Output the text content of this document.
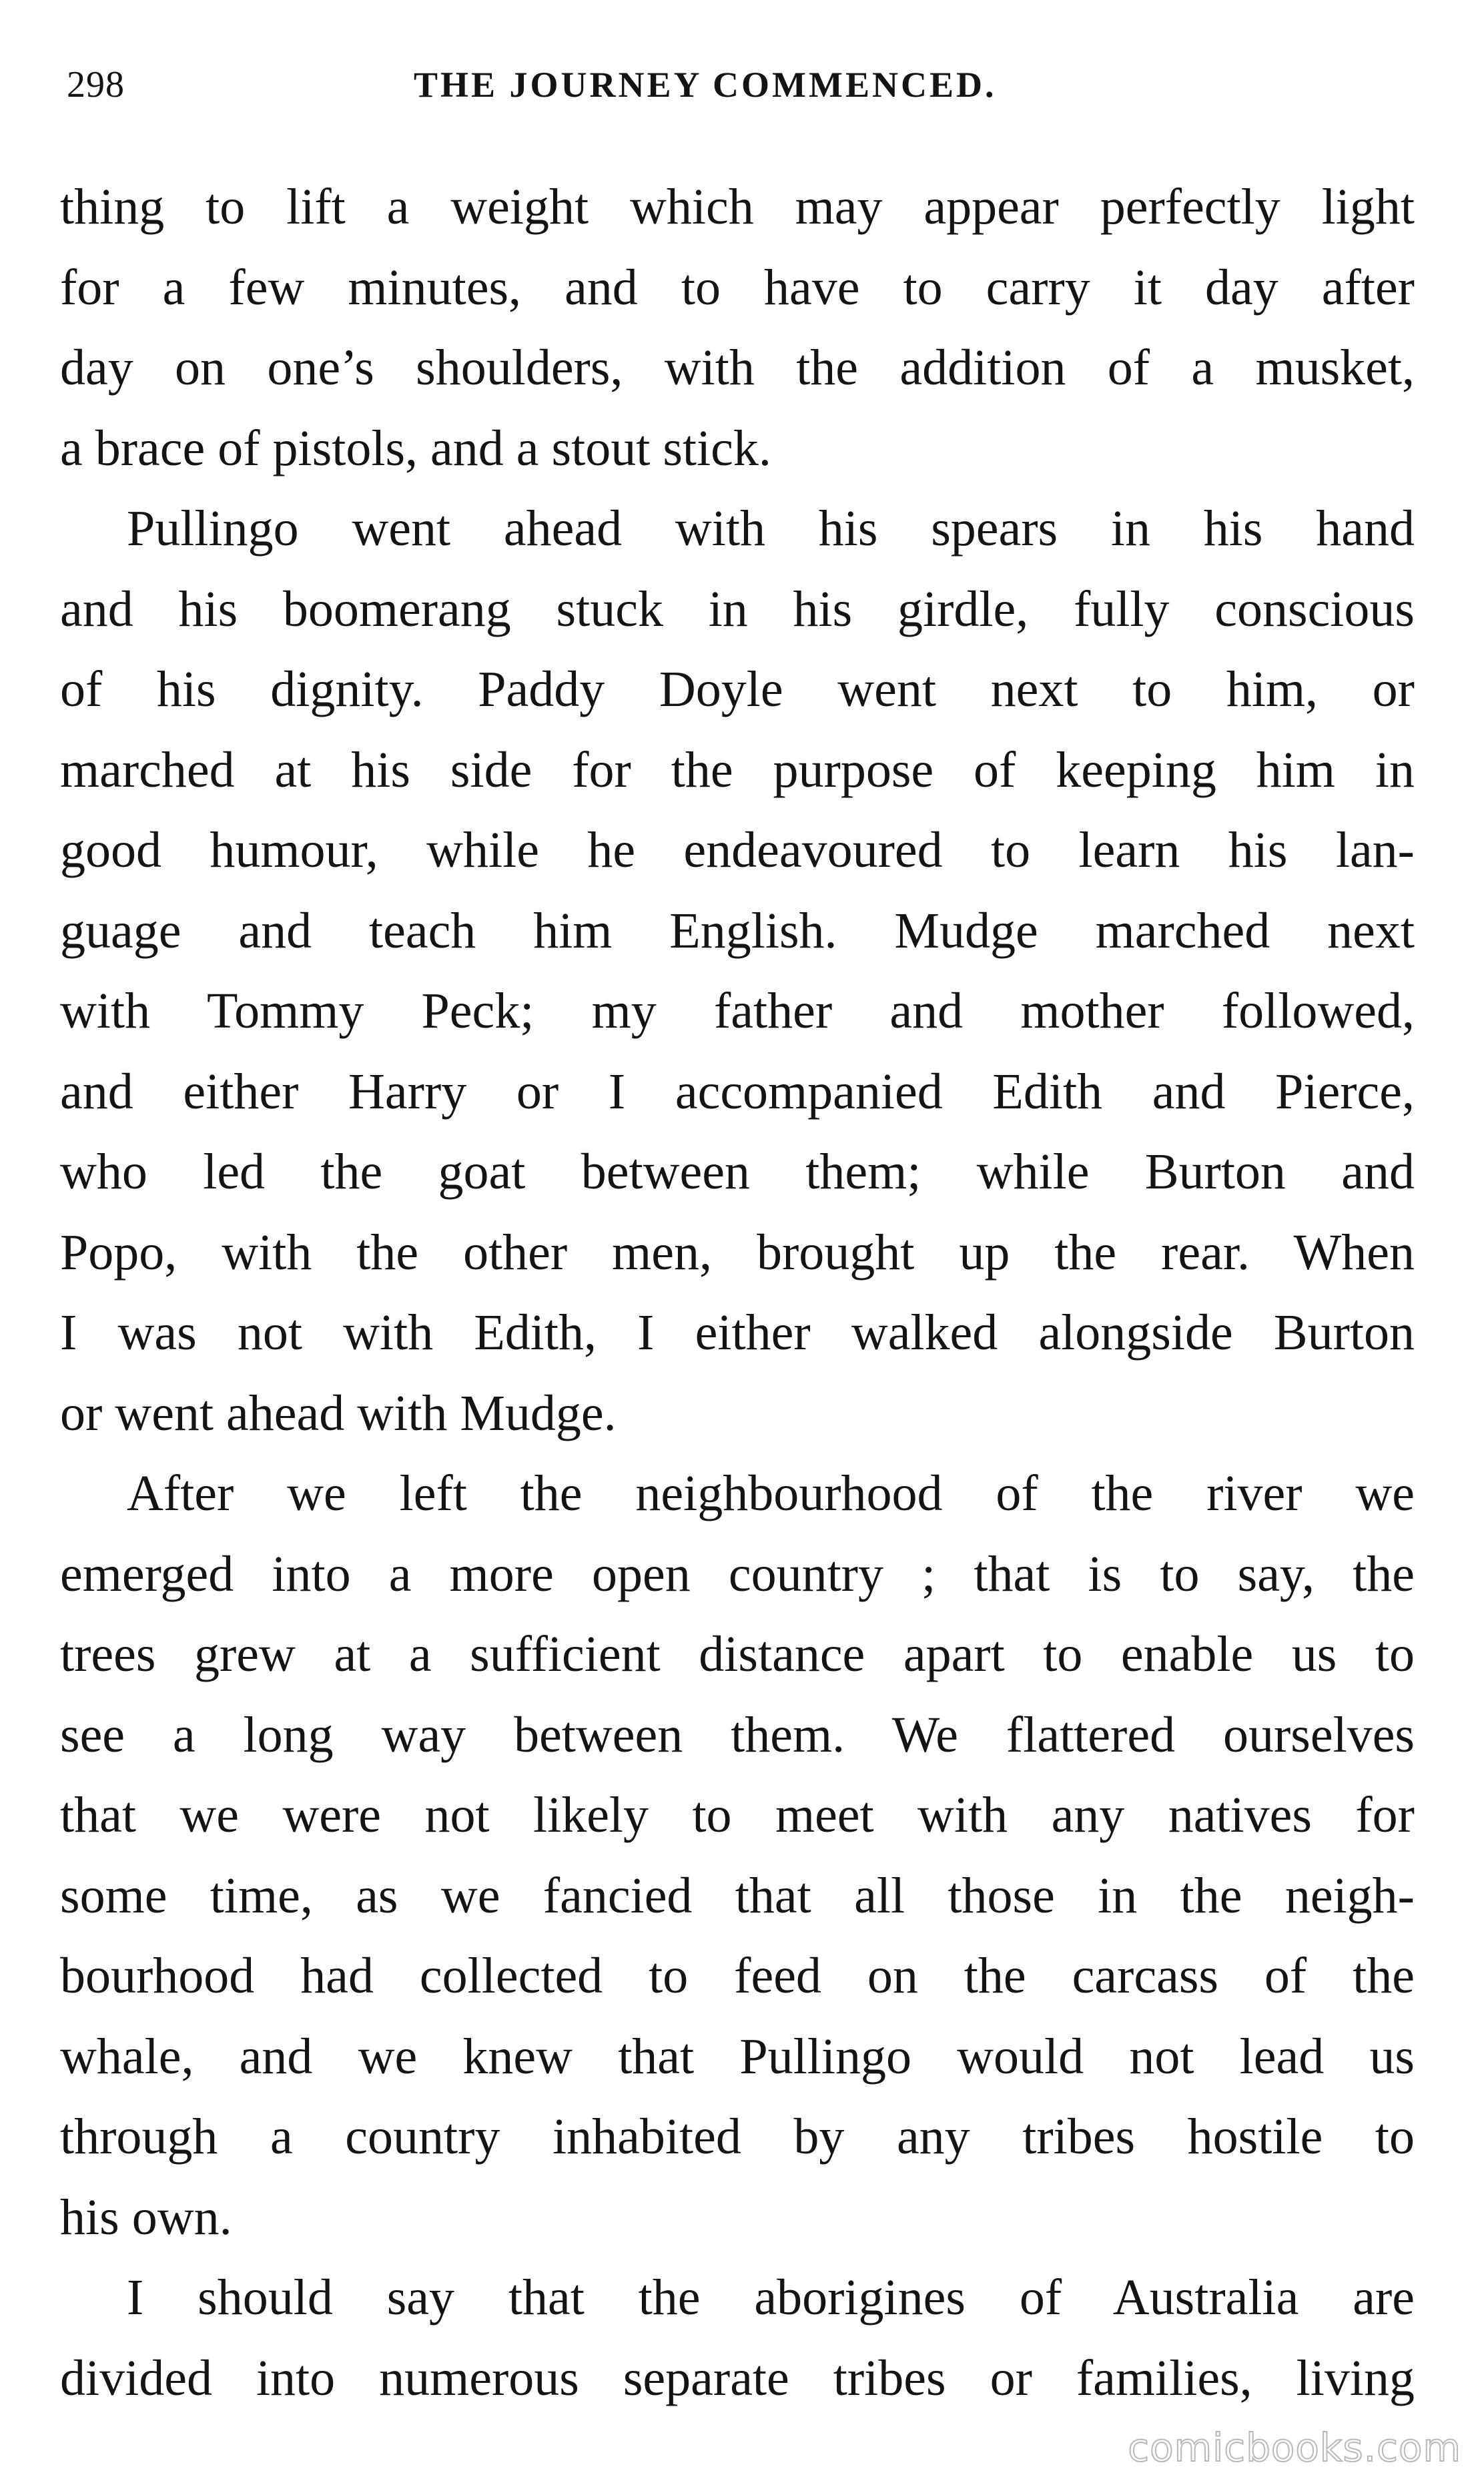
298	THE JOURNEY COMMENCED.
thing to lift a weight which may appear perfectly light
for a few minutes, and to have to carry it day after
day on one’s shoulders, with the addition of a musket,
a brace of pistols, and a stout stick.
Pullingo went ahead with his spears in his hand
and his boomerang stuck in his girdle, fully conscious
of his dignity. Paddy Doyle went next to him, or
marched at his side for the purpose of keeping him in
good humour, while he endeavoured to learn his lan-
guage and teach him English. Mudge marched next
with Tommy Peck; my father and mother followed,
and either Harry or I accompanied Edith and Pierce,
who led the goat between them; while Burton and
Popo, with the other men, brought up the rear. When
I was not with Edith, I either walked alongside Burton
or went ahead with Mudge.
After we left the neighbourhood of the river we
emerged into a more open country ; that is to say, the
trees grew at a sufficient distance apart to enable us to
see a long way between them. We flattered ourselves
that we were not likely to meet with any natives for
some time, as we fancied that all those in the neigh-
bourhood had collected to feed on the carcass of the
whale, and we knew that Pullingo would not lead us
through a country inhabited by any tribes hostile to
his own.
I should say that the aborigines of Australia are
divided into numerous separate tribes or families, living
comicbooks.com
